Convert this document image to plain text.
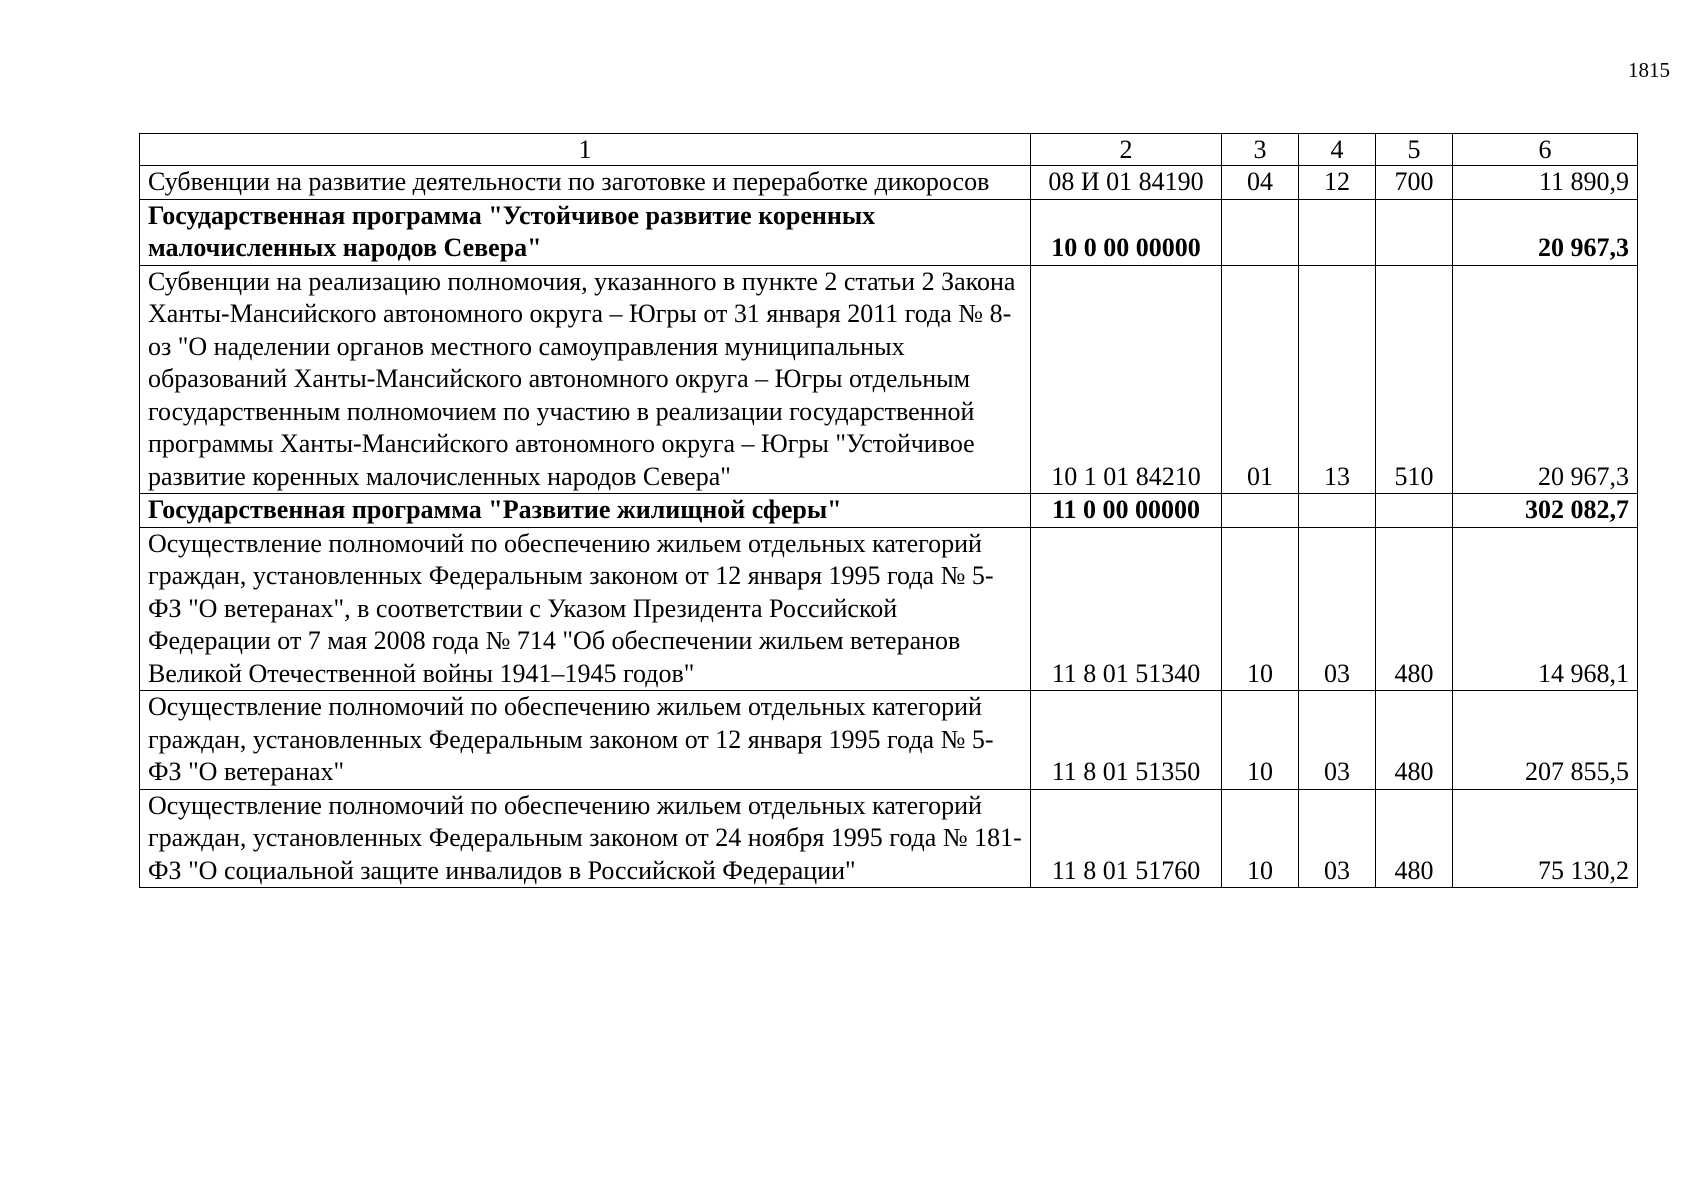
1815
1	2	3	4	5	6
Субвенции на развитие деятельности по заготовке и переработке дикоросов	08 И 01 84190	04	12	700	11 890,9
Государственная программа "Устойчивое развитие коренных малочисленных народов Севера"	10 0 00 00000				20 967,3
Субвенции на реализацию полномочия, указанного в пункте 2 статьи 2 Закона Ханты-Мансийского автономного округа – Югры от 31 января 2011 года № 8-оз "О наделении органов местного самоуправления муниципальных образований Ханты-Мансийского автономного округа – Югры отдельным государственным полномочием по участию в реализации государственной программы Ханты-Мансийского автономного округа – Югры "Устойчивое развитие коренных малочисленных народов Севера"	10 1 01 84210	01	13	510	20 967,3
Государственная программа "Развитие жилищной сферы"	11 0 00 00000				302 082,7
Осуществление полномочий по обеспечению жильем отдельных категорий граждан, установленных Федеральным законом от 12 января 1995 года № 5-ФЗ "О ветеранах", в соответствии с Указом Президента Российской Федерации от 7 мая 2008 года № 714 "Об обеспечении жильем ветеранов Великой Отечественной войны 1941–1945 годов"	11 8 01 51340	10	03	480	14 968,1
Осуществление полномочий по обеспечению жильем отдельных категорий граждан, установленных Федеральным законом от 12 января 1995 года № 5-ФЗ "О ветеранах"	11 8 01 51350	10	03	480	207 855,5
Осуществление полномочий по обеспечению жильем отдельных категорий граждан, установленных Федеральным законом от 24 ноября 1995 года № 181-ФЗ "О социальной защите инвалидов в Российской Федерации"	11 8 01 51760	10	03	480	75 130,2
